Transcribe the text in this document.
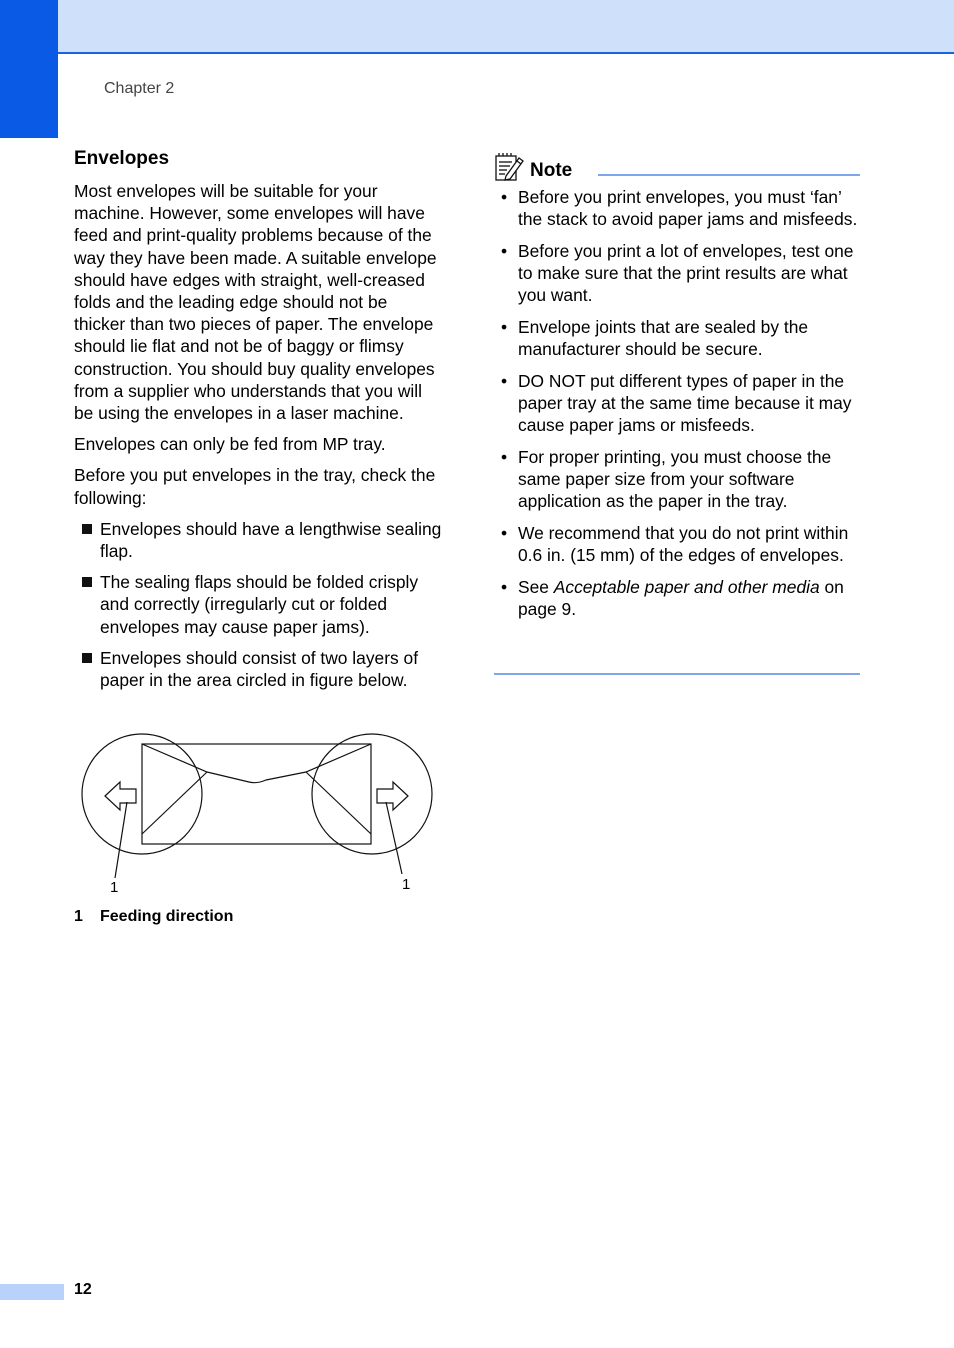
Chapter 2
Envelopes

Most envelopes will be suitable for your machine. However, some envelopes will have feed and print-quality problems because of the way they have been made. A suitable envelope should have edges with straight, well-creased folds and the leading edge should not be thicker than two pieces of paper. The envelope should lie flat and not be of baggy or flimsy construction. You should buy quality envelopes from a supplier who understands that you will be using the envelopes in a laser machine.

Envelopes can only be fed from MP tray.

Before you put envelopes in the tray, check the following:

Envelopes should have a lengthwise sealing flap.
The sealing flaps should be folded crisply and correctly (irregularly cut or folded envelopes may cause paper jams).
Envelopes should consist of two layers of paper in the area circled in figure below.
1	1
1 Feeding direction
Note
• Before you print envelopes, you must ‘fan’ the stack to avoid paper jams and misfeeds.
• Before you print a lot of envelopes, test one to make sure that the print results are what you want.
• Envelope joints that are sealed by the manufacturer should be secure.
• DO NOT put different types of paper in the paper tray at the same time because it may cause paper jams or misfeeds.
• For proper printing, you must choose the same paper size from your software application as the paper in the tray.
• We recommend that you do not print within 0.6 in. (15 mm) of the edges of envelopes.
• See Acceptable paper and other media on page 9.
12
